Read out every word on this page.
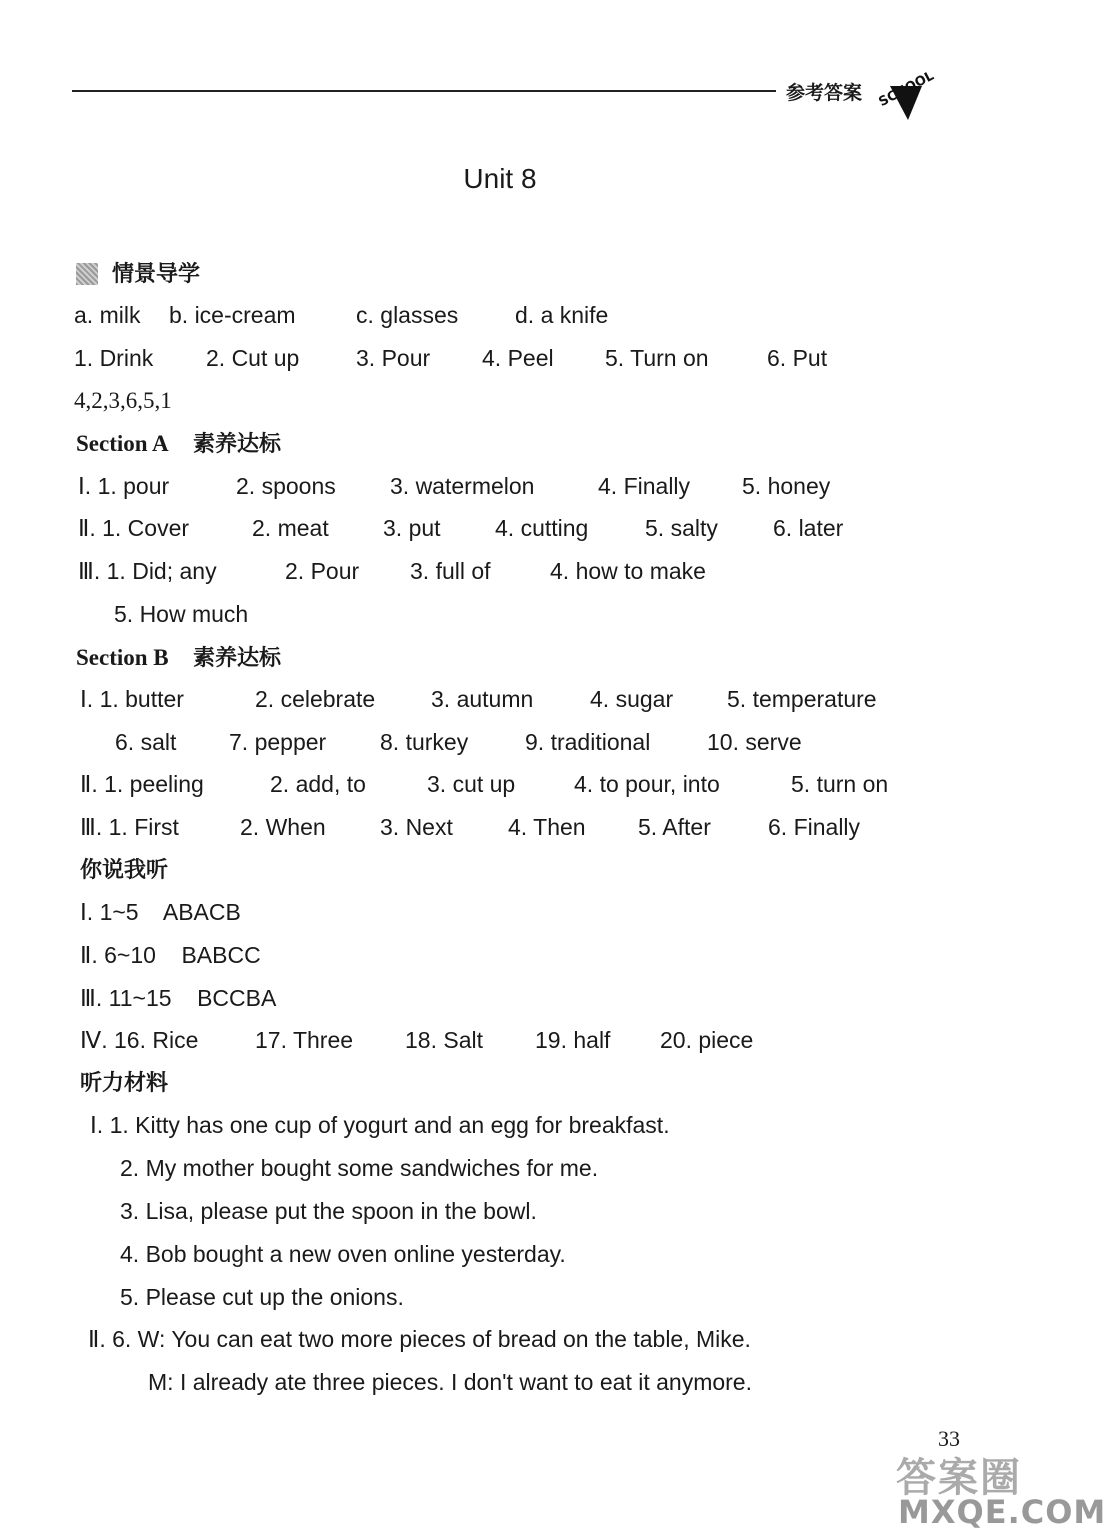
参考答案 SCHOOL
Unit 8
情景导学
a. milk b. ice-cream	c. glasses d. a knife
1. Drink 2. Cut up 3. Pour 4. Peel 5. Turn on	6. Put
4,2,3,6,5,1
Section A 素养达标
Ⅰ. 1. pour	2. spoons 3. watermelon	4. Finally 5. honey
Ⅱ. 1. Cover	2. meat 3. put 4. cutting 5. salty 6. later
Ⅲ. 1. Did; any	2. Pour 3. full of	4. how to make
5. How much
Section B 素养达标
Ⅰ. 1. butter	2. celebrate 3. autumn 4. sugar 5. temperature
6. salt 7. pepper 8. turkey 9. traditional 10. serve
Ⅱ. 1. peeling	2. add, to	3. cut up	4. to pour, into	5. turn on
Ⅲ. 1. First	2. When 3. Next 4. Then 5. After 6. Finally
你说我听
Ⅰ. 1~5    ABACB
Ⅱ. 6~10    BABCC
Ⅲ. 11~15    BCCBA
Ⅳ. 16. Rice 17. Three 18. Salt 19. half 20. piece
听力材料
Ⅰ. 1. Kitty has one cup of yogurt and an egg for breakfast.
2. My mother bought some sandwiches for me.
3. Lisa, please put the spoon in the bowl.
4. Bob bought a new oven online yesterday.
5. Please cut up the onions.
Ⅱ. 6. W: You can eat two more pieces of bread on the table, Mike.
M: I already ate three pieces. I don't want to eat it anymore.
33
答案圈
MXQE.COM
